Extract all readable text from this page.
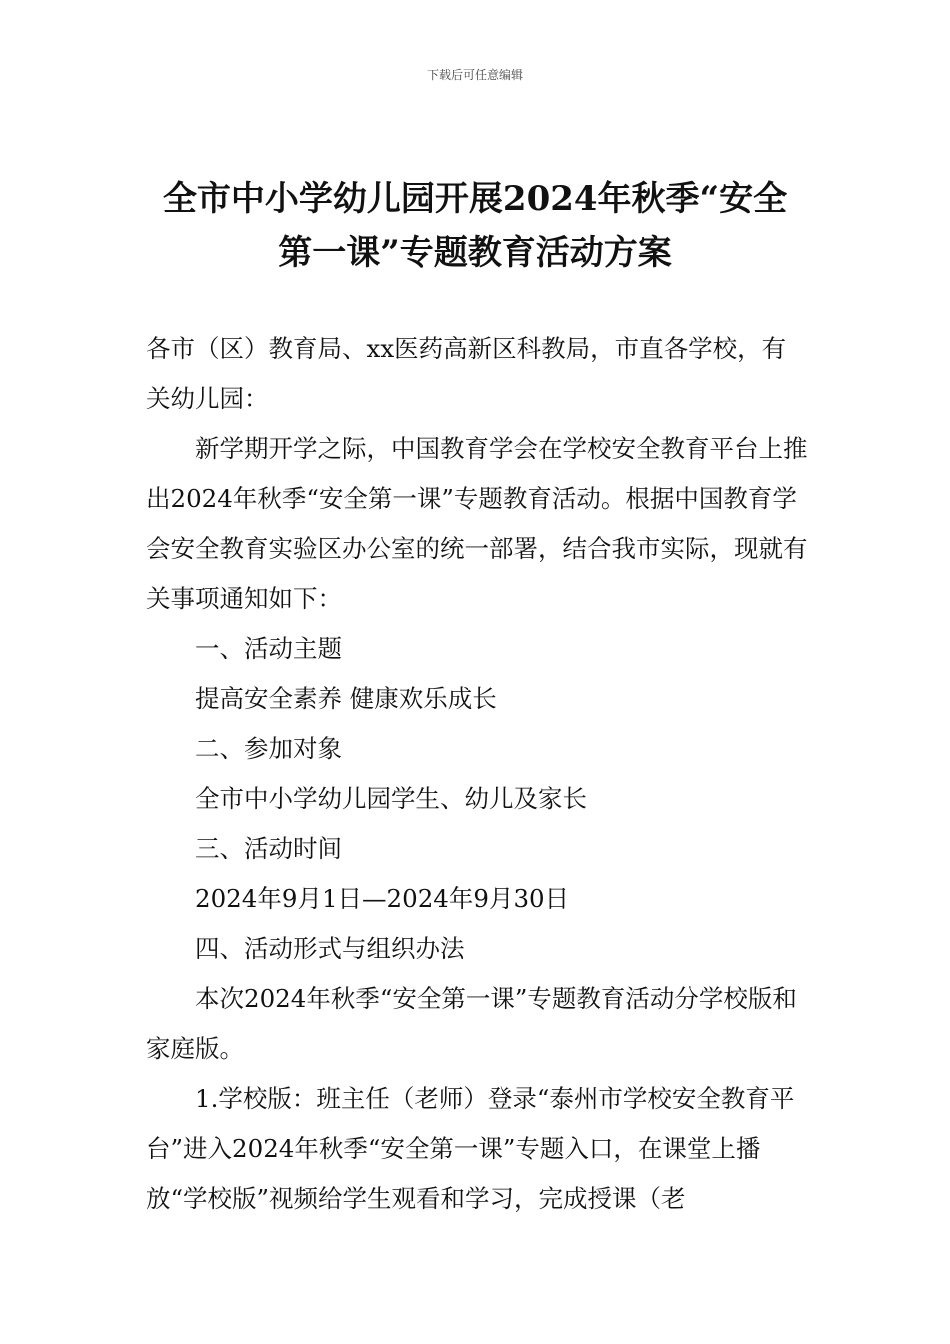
下载后可任意编辑
全市中小学幼儿园开展2024年秋季“安全
第一课”专题教育活动方案

各市（区）教育局、xx医药高新区科教局，市直各学校，有关幼儿园：

新学期开学之际，中国教育学会在学校安全教育平台上推出2024年秋季“安全第一课”专题教育活动。根据中国教育学会安全教育实验区办公室的统一部署，结合我市实际，现就有关事项通知如下：

一、活动主题

提高安全素养 健康欢乐成长

二、参加对象

全市中小学幼儿园学生、幼儿及家长

三、活动时间

2024年9月1日—2024年9月30日

四、活动形式与组织办法

本次2024年秋季“安全第一课”专题教育活动分学校版和家庭版。

1.学校版：班主任（老师）登录“泰州市学校安全教育平台”进入2024年秋季“安全第一课”专题入口，在课堂上播放“学校版”视频给学生观看和学习，完成授课（老
